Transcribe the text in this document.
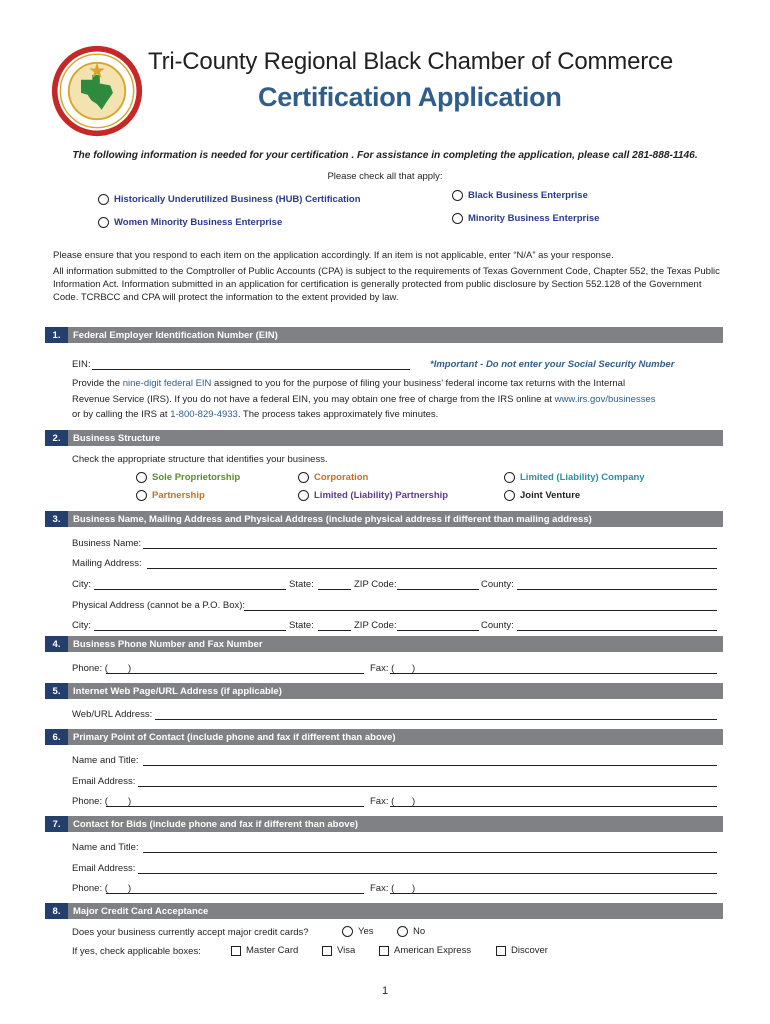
Tri-County Regional Black Chamber of Commerce
Certification Application
The following information is needed for your certification . For assistance in completing the application, please call 281-888-1146.
Please check all that apply:
Historically Underutilized Business (HUB) Certification	Black Business Enterprise
Women Minority Business Enterprise	Minority Business Enterprise
Please ensure that you respond to each item on the application accordingly. If an item is not applicable, enter “N/A” as your response.
All information submitted to the Comptroller of Public Accounts (CPA) is subject to the requirements of Texas Government Code, Chapter 552, the Texas Public Information Act. Information submitted in an application for certification is generally protected from public disclosure by Section 552.128 of the Government Code. TCRBCC and CPA will protect the information to the extent provided by law.
1.	Federal Employer Identification Number (EIN)
EIN:	*Important - Do not enter your Social Security Number
Provide the nine-digit federal EIN assigned to you for the purpose of filing your business’ federal income tax returns with the Internal
Revenue Service (IRS). If you do not have a federal EIN, you may obtain one free of charge from the IRS online at www.irs.gov/businesses
or by calling the IRS at 1-800-829-4933. The process takes approximately five minutes.
2.	Business Structure
Check the appropriate structure that identifies your business.
Sole Proprietorship	Corporation	Limited (Liability) Company
Partnership	Limited (Liability) Partnership	Joint Venture
3.	Business Name, Mailing Address and Physical Address (include physical address if different than mailing address)
Business Name:
Mailing Address:
City:	State:	ZIP Code:	County:
Physical Address (cannot be a P.O. Box):
City:	State:	ZIP Code:	County:
4.	Business Phone Number and Fax Number
Phone: ( )	Fax: ( )
5.	Internet Web Page/URL Address (if applicable)
Web/URL Address:
6.	Primary Point of Contact (include phone and fax if different than above)
Name and Title:
Email Address:
Phone: ( )	Fax: ( )
7.	Contact for Bids (include phone and fax if different than above)
Name and Title:
Email Address:
Phone: ( )	Fax: ( )
8.	Major Credit Card Acceptance
Does your business currently accept major credit cards?	Yes	No
If yes, check applicable boxes:	Master Card	Visa	American Express	Discover
1
